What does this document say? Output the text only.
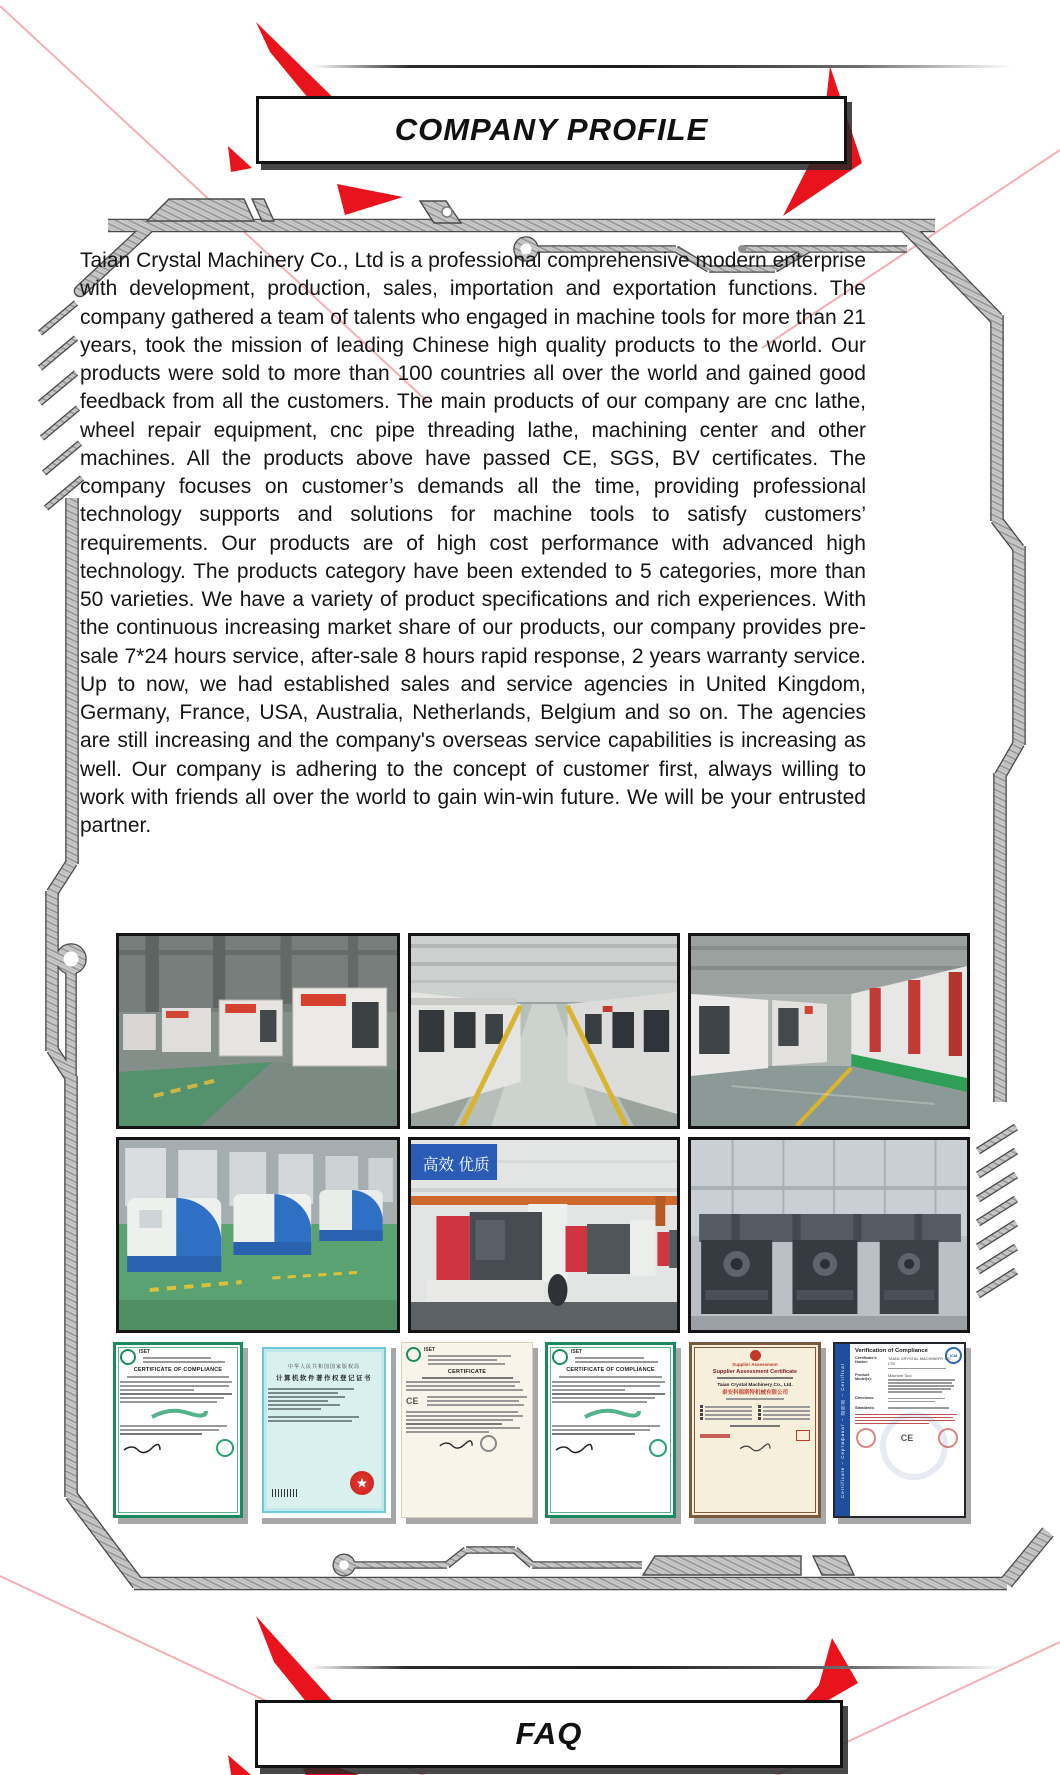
COMPANY PROFILE
Taian Crystal Machinery Co., Ltd is a professional comprehensive modern enterprise with development, production, sales, importation and exportation functions. The company gathered a team of talents who engaged in machine tools for more than 21 years, took the mission of leading Chinese high quality products to the world. Our products were sold to more than 100 countries all over the world and gained good feedback from all the customers. The main products of our company are cnc lathe, wheel repair equipment, cnc pipe threading lathe, machining center and other machines. All the products above have passed CE, SGS, BV certificates. The company focuses on customer’s demands all the time, providing professional technology supports and solutions for machine tools to satisfy customers’ requirements. Our products are of high cost performance with advanced high technology. The products category have been extended to 5 categories, more than 50 varieties. We have a variety of product specifications and rich experiences. With the continuous increasing market share of our products, our company provides pre-sale 7*24 hours service, after-sale 8 hours rapid response, 2 years warranty service. Up to now, we had established sales and service agencies in United Kingdom, Germany, France, USA, Australia, Netherlands, Belgium and so on. The agencies are still increasing and the company's overseas service capabilities is increasing as well. Our company is adhering to the concept of customer first, always willing to work with friends all over the world to gain win-win future. We will be your entrusted partner.
高效 优质
ISET
CERTIFICATE OF COMPLIANCE	中华人民共和国国家版权局
计算机软件著作权登记证书
ISET
CERTIFICATE
CE
ISET
CERTIFICATE OF COMPLIANCE
Supplier Assessment
Supplier Assessment Certificate
Taian Crystal Machinery Co., Ltd.
泰安科瑞斯特机械有限公司	Certificate – Сертификат – 證明書 – Certificat
Verification of Compliance
ICM
Certificate's Holder:
TAIAN CRYSTAL MACHINERY CO., LTD
Product Model(s):
Machine Tool
Directives:
Standards:
CE
FAQ
